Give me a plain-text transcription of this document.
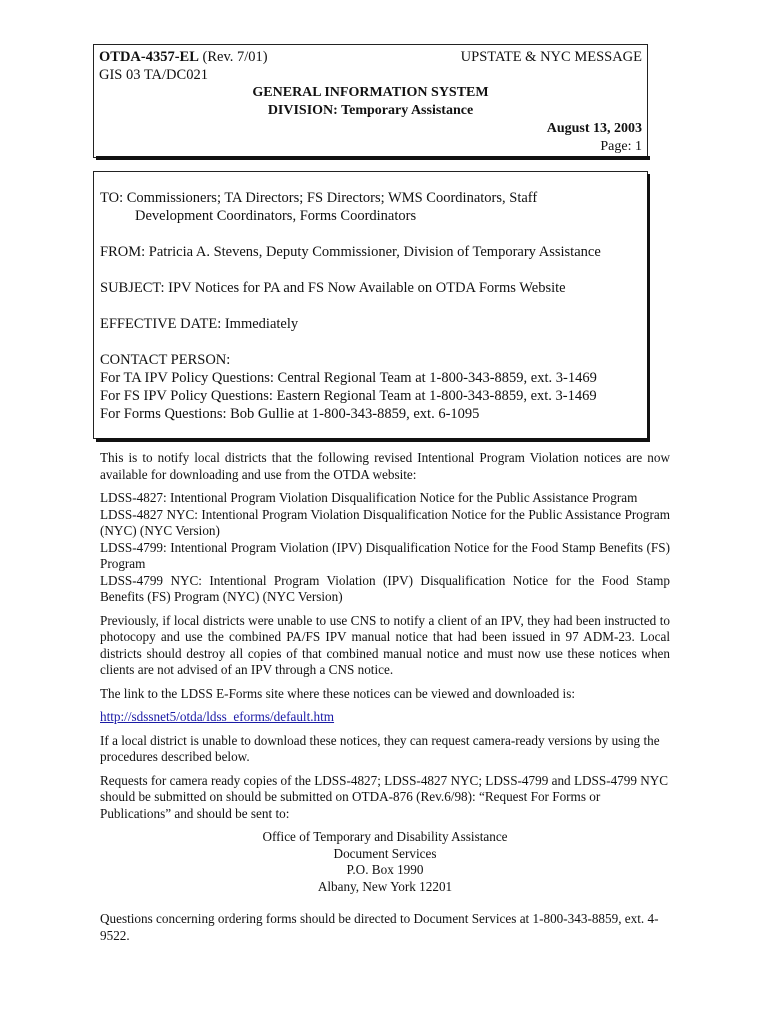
OTDA-4357-EL (Rev. 7/01)
GIS 03 TA/DC021
UPSTATE & NYC MESSAGE
GENERAL INFORMATION SYSTEM
DIVISION: Temporary Assistance
August 13, 2003
Page: 1
TO: Commissioners; TA Directors; FS Directors; WMS Coordinators, Staff
Development Coordinators, Forms Coordinators
FROM: Patricia A. Stevens, Deputy Commissioner, Division of Temporary Assistance
SUBJECT: IPV Notices for PA and FS Now Available on OTDA Forms Website
EFFECTIVE DATE: Immediately
CONTACT PERSON:
For TA IPV Policy Questions: Central Regional Team at 1-800-343-8859, ext. 3-1469
For FS IPV Policy Questions: Eastern Regional Team at 1-800-343-8859, ext. 3-1469
For Forms Questions: Bob Gullie at 1-800-343-8859, ext. 6-1095

This is to notify local districts that the following revised Intentional Program Violation notices are now available for downloading and use from the OTDA website:

LDSS-4827: Intentional Program Violation Disqualification Notice for the Public Assistance Program
LDSS-4827 NYC: Intentional Program Violation Disqualification Notice for the Public Assistance Program (NYC) (NYC Version)
LDSS-4799: Intentional Program Violation (IPV) Disqualification Notice for the Food Stamp Benefits (FS) Program
LDSS-4799 NYC: Intentional Program Violation (IPV) Disqualification Notice for the Food Stamp Benefits (FS) Program (NYC) (NYC Version)

Previously, if local districts were unable to use CNS to notify a client of an IPV, they had been instructed to photocopy and use the combined PA/FS IPV manual notice that had been issued in 97 ADM-23. Local districts should destroy all copies of that combined manual notice and must now use these notices when clients are not advised of an IPV through a CNS notice.

The link to the LDSS E-Forms site where these notices can be viewed and downloaded is:

http://sdssnet5/otda/ldss_eforms/default.htm

If a local district is unable to download these notices, they can request camera-ready versions by using the procedures described below.

Requests for camera ready copies of the LDSS-4827; LDSS-4827 NYC; LDSS-4799 and LDSS-4799 NYC should be submitted on should be submitted on OTDA-876 (Rev.6/98): “Request For Forms or Publications” and should be sent to:

Office of Temporary and Disability Assistance
Document Services
P.O. Box 1990
Albany, New York 12201

Questions concerning ordering forms should be directed to Document Services at 1-800-343-8859, ext. 4-9522.
